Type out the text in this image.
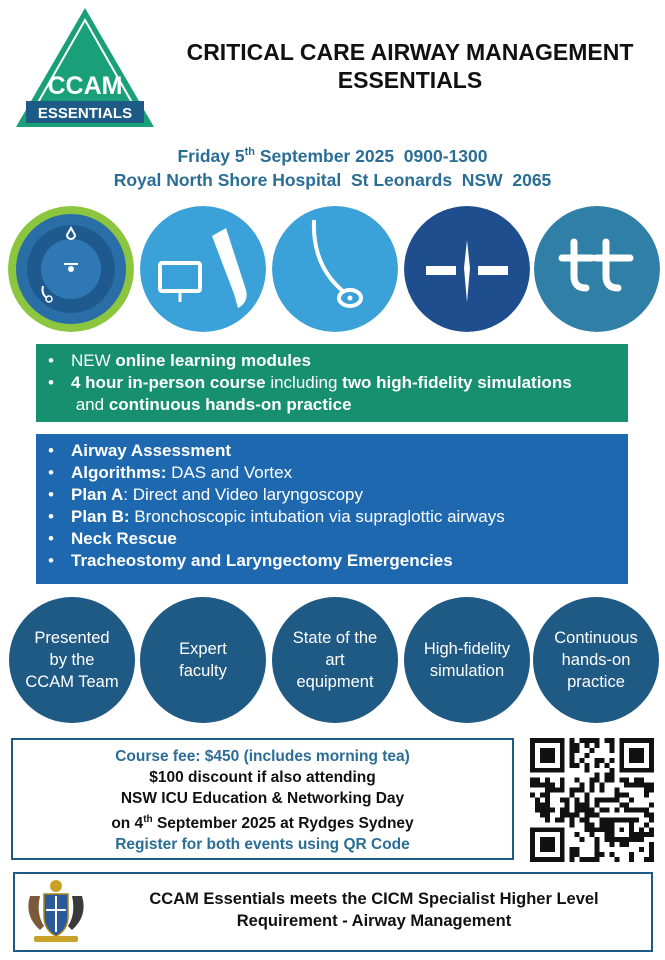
CCAM
ESSENTIALS
CRITICAL CARE AIRWAY MANAGEMENT
ESSENTIALS
Friday 5th September 2025  0900-1300
Royal North Shore Hospital  St Leonards  NSW  2065
• NEW online learning modules
• 4 hour in-person course including two high-fidelity simulations and continuous hands-on practice
• Airway Assessment
• Algorithms: DAS and Vortex
• Plan A: Direct and Video laryngoscopy
• Plan B: Bronchoscopic intubation via supraglottic airways
• Neck Rescue
• Tracheostomy and Laryngectomy Emergencies
Presented by the CCAM Team
Expert faculty
State of the art equipment
High-fidelity simulation
Continuous hands-on practice
Course fee: $450 (includes morning tea)
$100 discount if also attending
NSW ICU Education & Networking Day
on 4th September 2025 at Rydges Sydney
Register for both events using QR Code
CCAM Essentials meets the CICM Specialist Higher Level
Requirement - Airway Management
